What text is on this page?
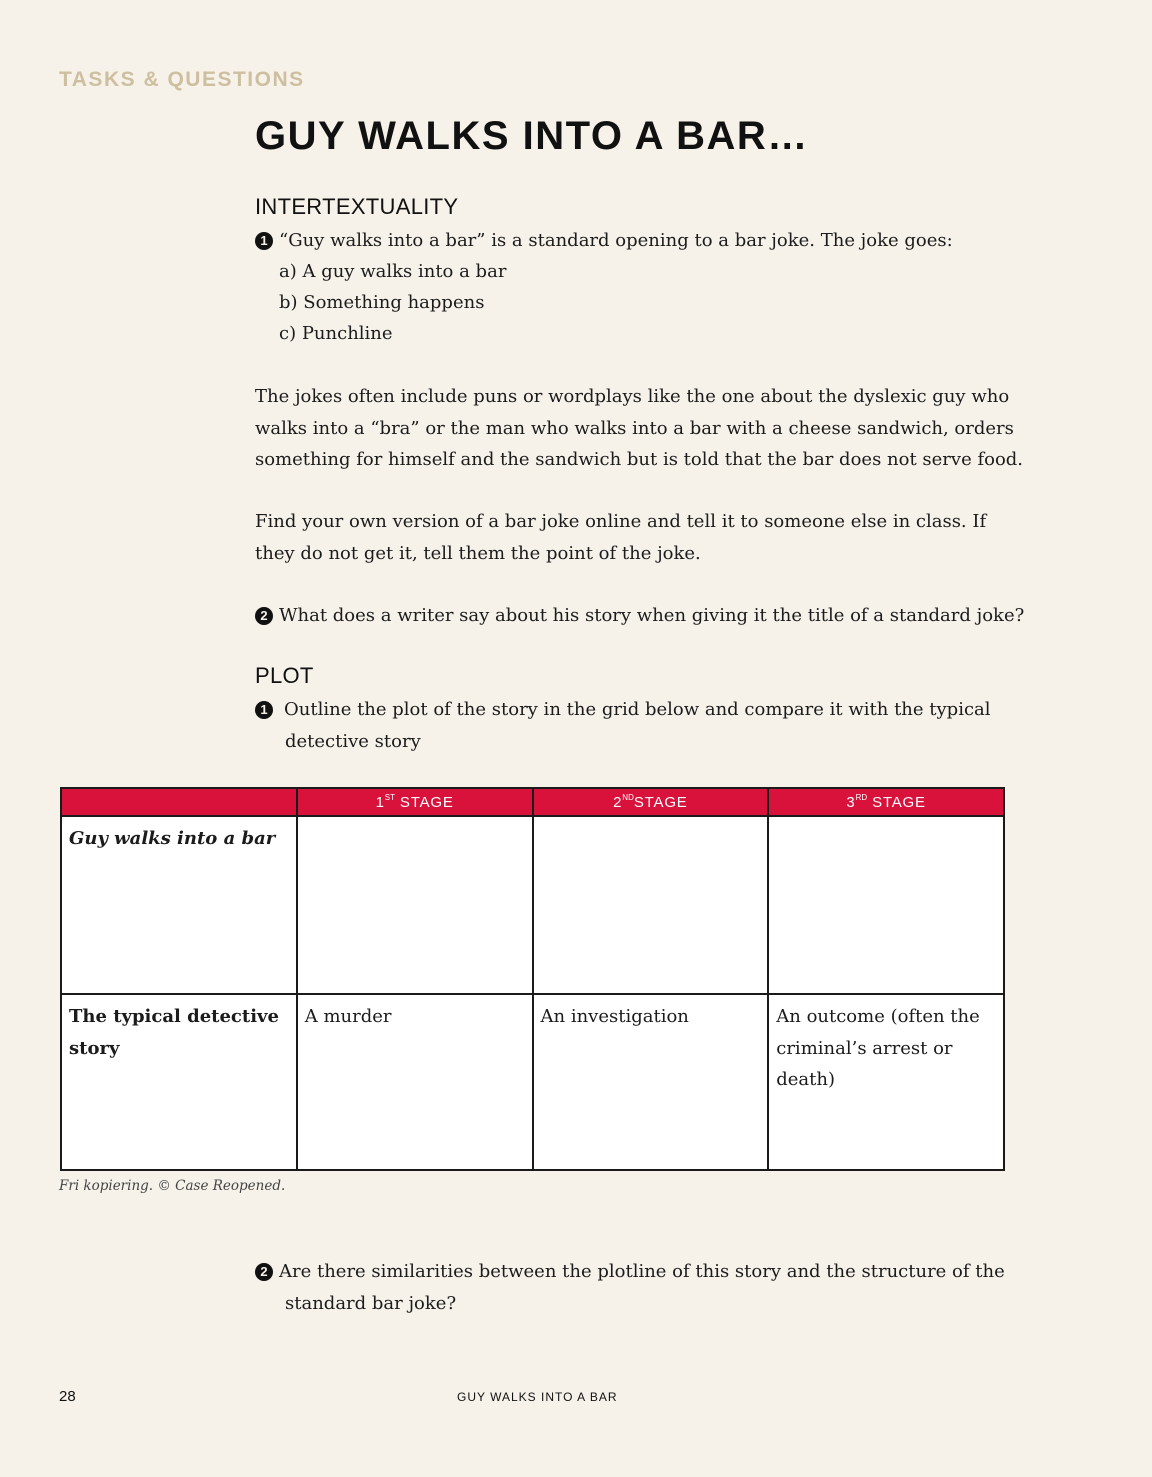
TASKS & QUESTIONS
GUY WALKS INTO A BAR…
INTERTEXTUALITY

1 “Guy walks into a bar” is a standard opening to a bar joke. The joke goes:

a) A guy walks into a bar
b) Something happens
c) Punchline

The jokes often include puns or wordplays like the one about the dyslexic guy who walks into a “bra” or the man who walks into a bar with a cheese sandwich, orders something for himself and the sandwich but is told that the bar does not serve food.

Find your own version of a bar joke online and tell it to someone else in class. If they do not get it, tell them the point of the joke.

2 What does a writer say about his story when giving it the title of a standard joke?

PLOT

1 Outline the plot of the story in the grid below and compare it with the typical
detective story

	1ST STAGE	2NDSTAGE	3RD STAGE
Guy walks into a bar			
The typical detective story	A murder	An investigation	An outcome (often the criminal’s arrest or death)
Fri kopiering. © Case Reopened.

2 Are there similarities between the plotline of this story and the structure of the
standard bar joke?

28	GUY WALKS INTO A BAR
